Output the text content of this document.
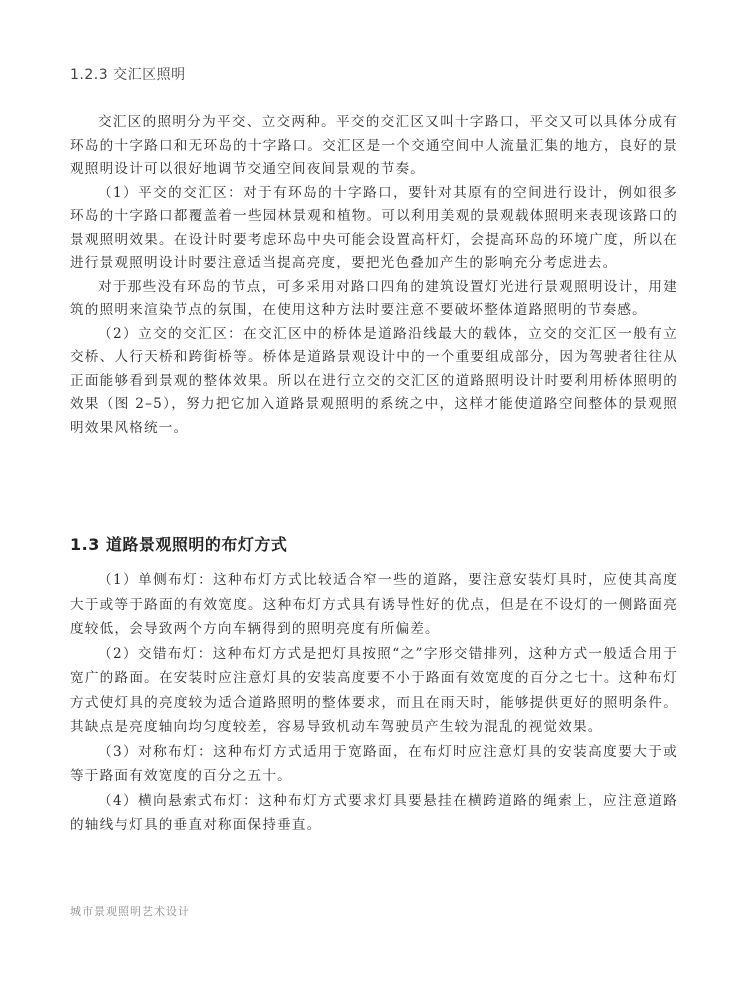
1.2.3 交汇区照明

交汇区的照明分为平交、立交两种。平交的交汇区又叫十字路口，平交又可以具体分成有环岛的十字路口和无环岛的十字路口。交汇区是一个交通空间中人流量汇集的地方，良好的景观照明设计可以很好地调节交通空间夜间景观的节奏。

（1）平交的交汇区：对于有环岛的十字路口，要针对其原有的空间进行设计，例如很多环岛的十字路口都覆盖着一些园林景观和植物。可以利用美观的景观载体照明来表现该路口的景观照明效果。在设计时要考虑环岛中央可能会设置高杆灯，会提高环岛的环境广度，所以在进行景观照明设计时要注意适当提高亮度，要把光色叠加产生的影响充分考虑进去。

对于那些没有环岛的节点，可多采用对路口四角的建筑设置灯光进行景观照明设计，用建筑的照明来渲染节点的氛围，在使用这种方法时要注意不要破坏整体道路照明的节奏感。

（2）立交的交汇区：在交汇区中的桥体是道路沿线最大的载体，立交的交汇区一般有立交桥、人行天桥和跨街桥等。桥体是道路景观设计中的一个重要组成部分，因为驾驶者往往从正面能够看到景观的整体效果。所以在进行立交的交汇区的道路照明设计时要利用桥体照明的效果（图 2–5），努力把它加入道路景观照明的系统之中，这样才能使道路空间整体的景观照明效果风格统一。

1.3 道路景观照明的布灯方式

（1）单侧布灯：这种布灯方式比较适合窄一些的道路，要注意安装灯具时，应使其高度大于或等于路面的有效宽度。这种布灯方式具有诱导性好的优点，但是在不设灯的一侧路面亮度较低，会导致两个方向车辆得到的照明亮度有所偏差。

（2）交错布灯：这种布灯方式是把灯具按照“之”字形交错排列，这种方式一般适合用于宽广的路面。在安装时应注意灯具的安装高度要不小于路面有效宽度的百分之七十。这种布灯方式使灯具的亮度较为适合道路照明的整体要求，而且在雨天时，能够提供更好的照明条件。其缺点是亮度轴向均匀度较差，容易导致机动车驾驶员产生较为混乱的视觉效果。

（3）对称布灯：这种布灯方式适用于宽路面，在布灯时应注意灯具的安装高度要大于或等于路面有效宽度的百分之五十。

（4）横向悬索式布灯：这种布灯方式要求灯具要悬挂在横跨道路的绳索上，应注意道路的轴线与灯具的垂直对称面保持垂直。

城市景观照明艺术设计
